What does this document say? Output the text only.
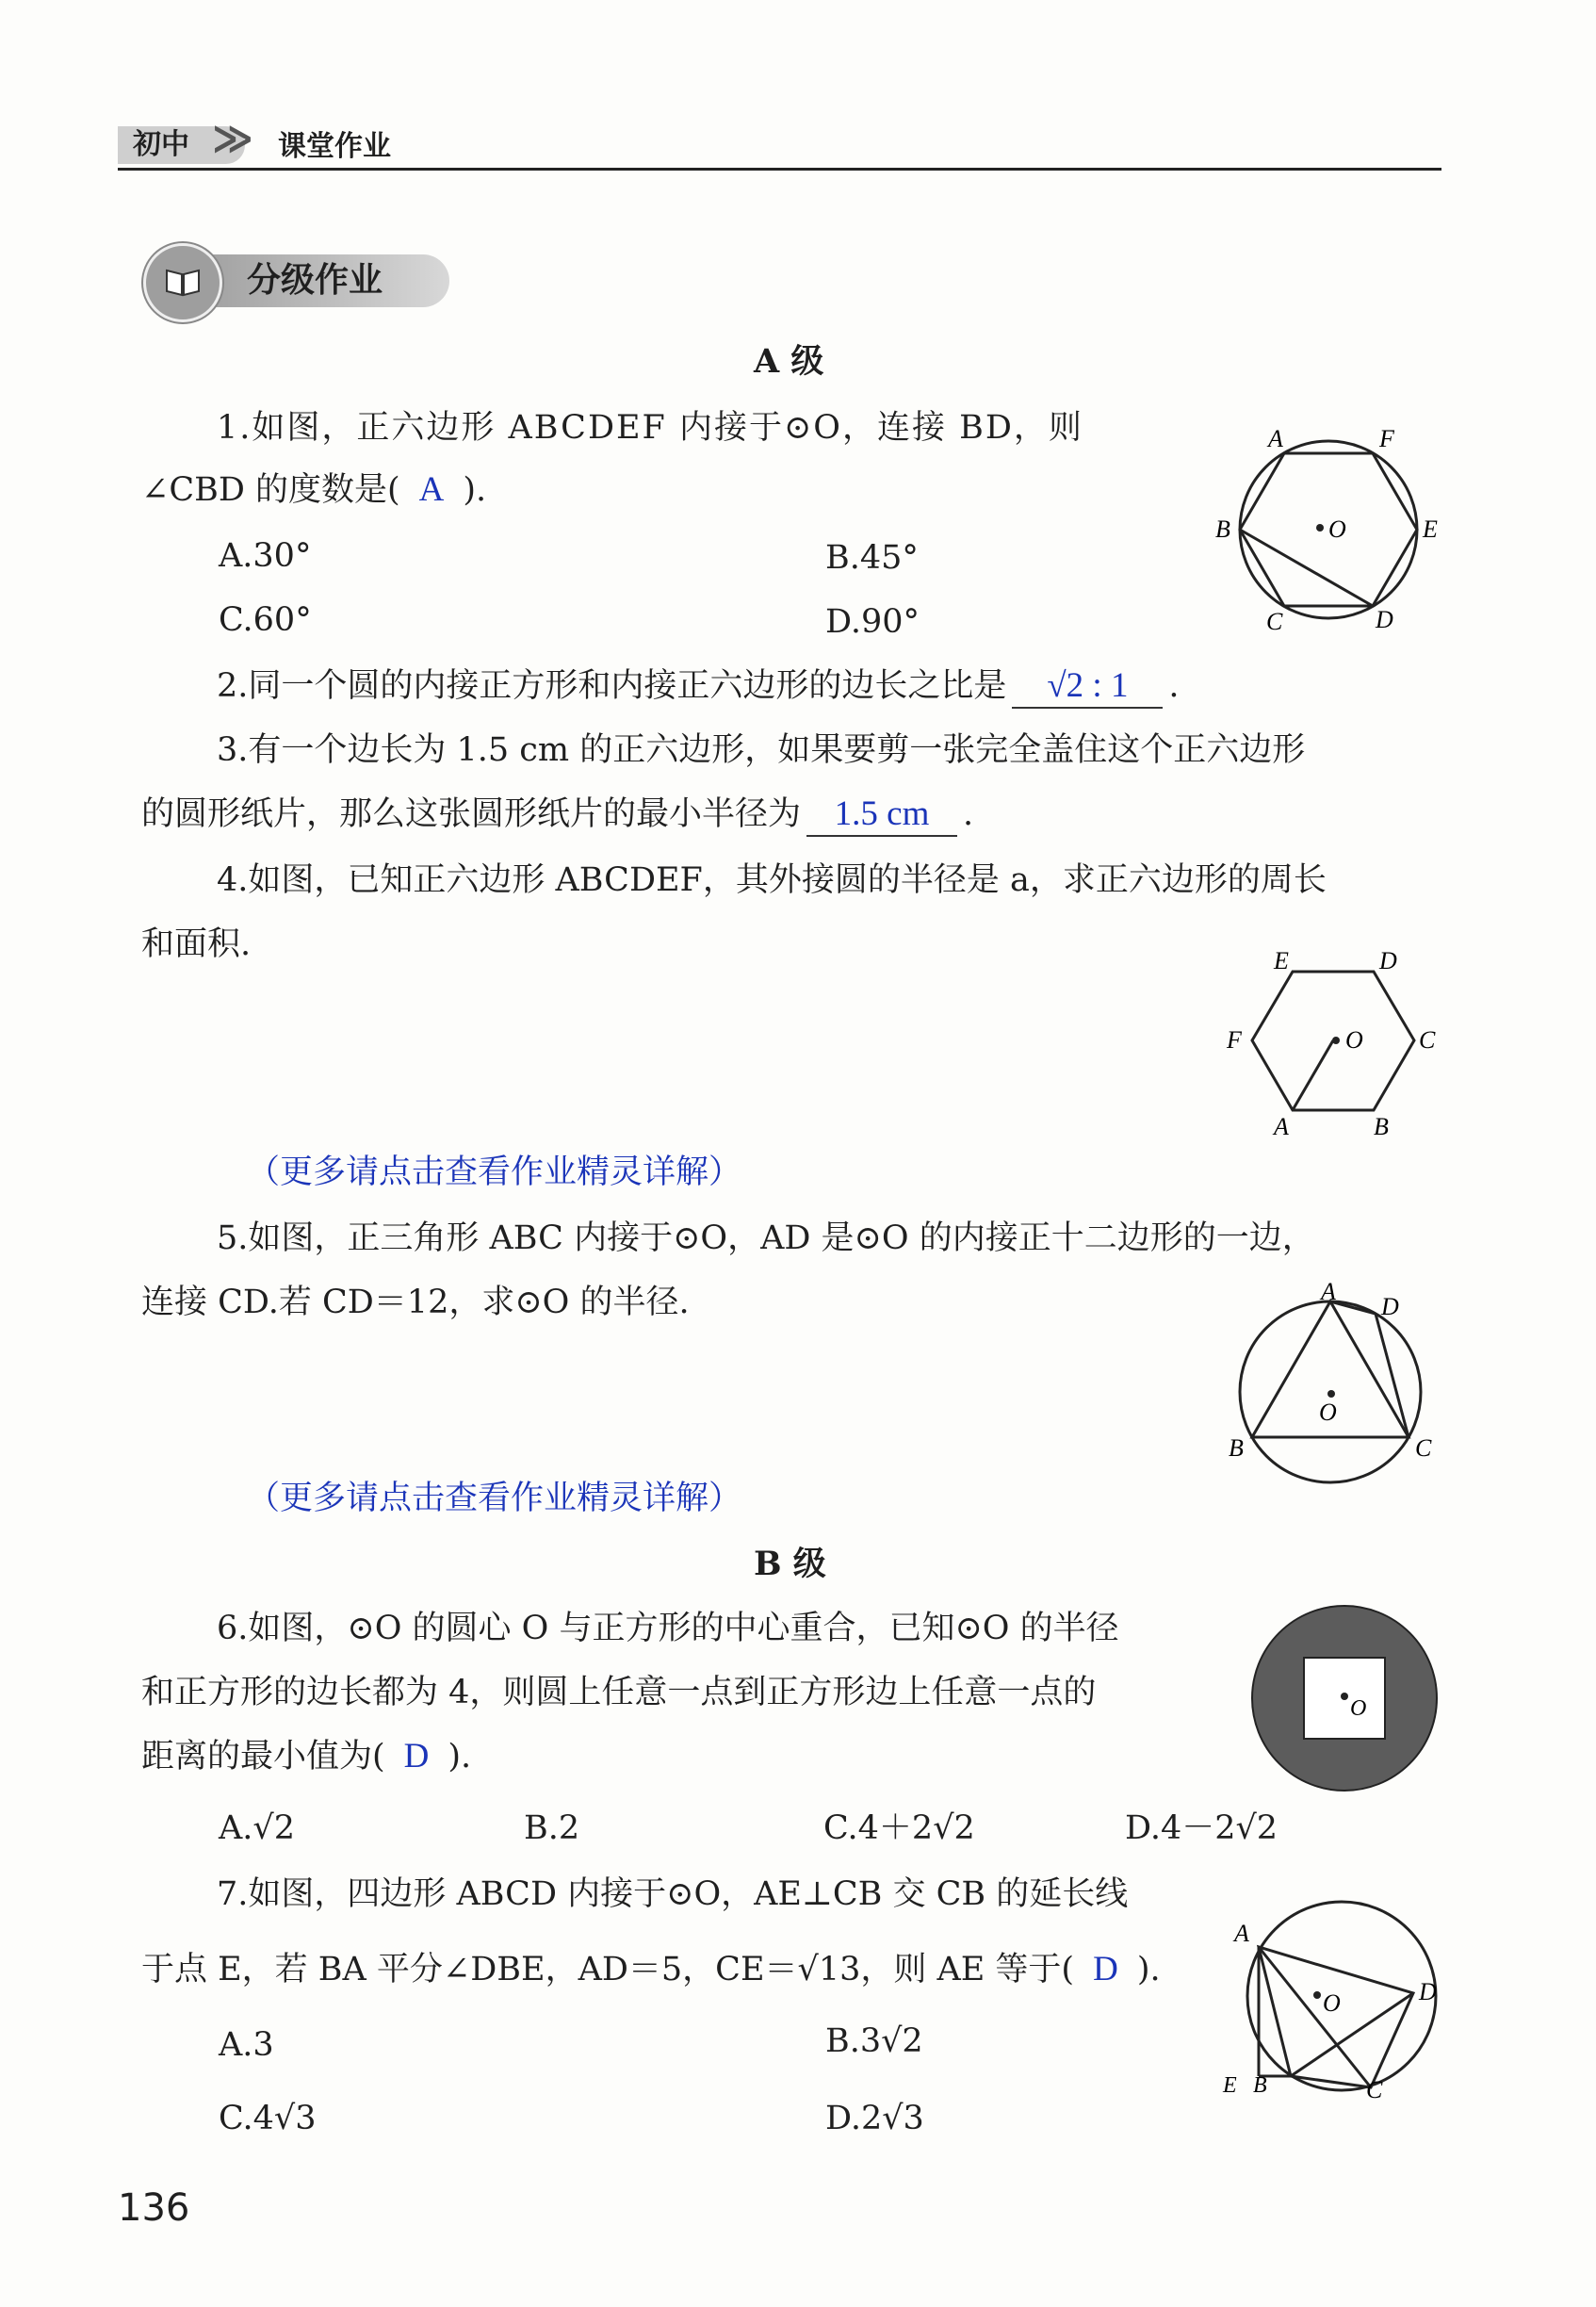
初中 ≫ 课堂作业
分级作业
A 级
1.如图，正六边形 ABCDEF 内接于⊙O，连接 BD，则
∠CBD 的度数是( A ).
A.30°	B.45°
C.60°	D.90°
A	F
B	O	E
C	D
2.同一个圆的内接正方形和内接正六边形的边长之比是 √2 : 1 .
3.有一个边长为 1.5 cm 的正六边形，如果要剪一张完全盖住这个正六边形
的圆形纸片，那么这张圆形纸片的最小半径为 1.5 cm .
4.如图，已知正六边形 ABCDEF，其外接圆的半径是 a，求正六边形的周长
和面积.	E	D
F	O C
A	B
（更多请点击查看作业精灵详解）
5.如图，正三角形 ABC 内接于⊙O，AD 是⊙O 的内接正十二边形的一边，
连接 CD.若 CD＝12，求⊙O 的半径.	A
D
O
B	C
（更多请点击查看作业精灵详解）
B 级
6.如图，⊙O 的圆心 O 与正方形的中心重合，已知⊙O 的半径
和正方形的边长都为 4，则圆上任意一点到正方形边上任意一点的
距离的最小值为( D ).
A.√2	B.2	C.4＋2√2	D.4－2√2
O
7.如图，四边形 ABCD 内接于⊙O，AE⊥CB 交 CB 的延长线
于点 E，若 BA 平分∠DBE，AD＝5，CE＝√13，则 AE 等于( D ).
A.3	B.3√2
C.4√3	D.2√3
A
O	D
E B	C
136
